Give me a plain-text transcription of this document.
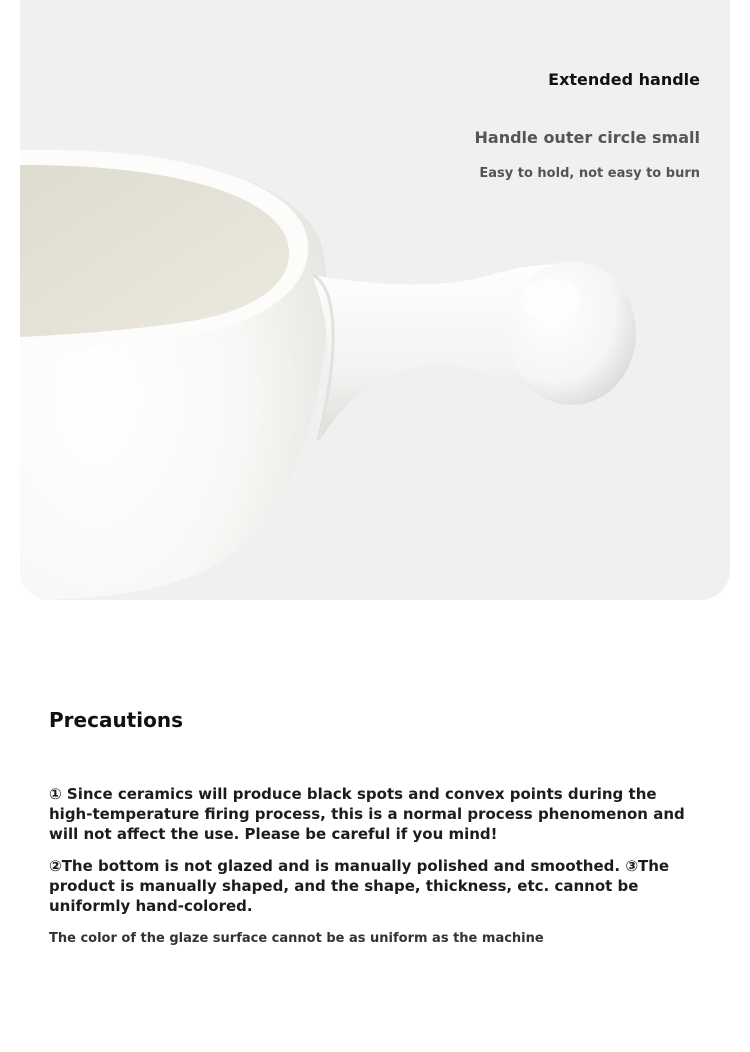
Extended handle
Handle outer circle small
Easy to hold, not easy to burn
Precautions

① Since ceramics will produce black spots and convex points during the high-temperature firing process, this is a normal process phenomenon and will not affect the use. Please be careful if you mind!

②The bottom is not glazed and is manually polished and smoothed. ③The product is manually shaped, and the shape, thickness, etc. cannot be uniformly hand-colored.

The color of the glaze surface cannot be as uniform as the machine
